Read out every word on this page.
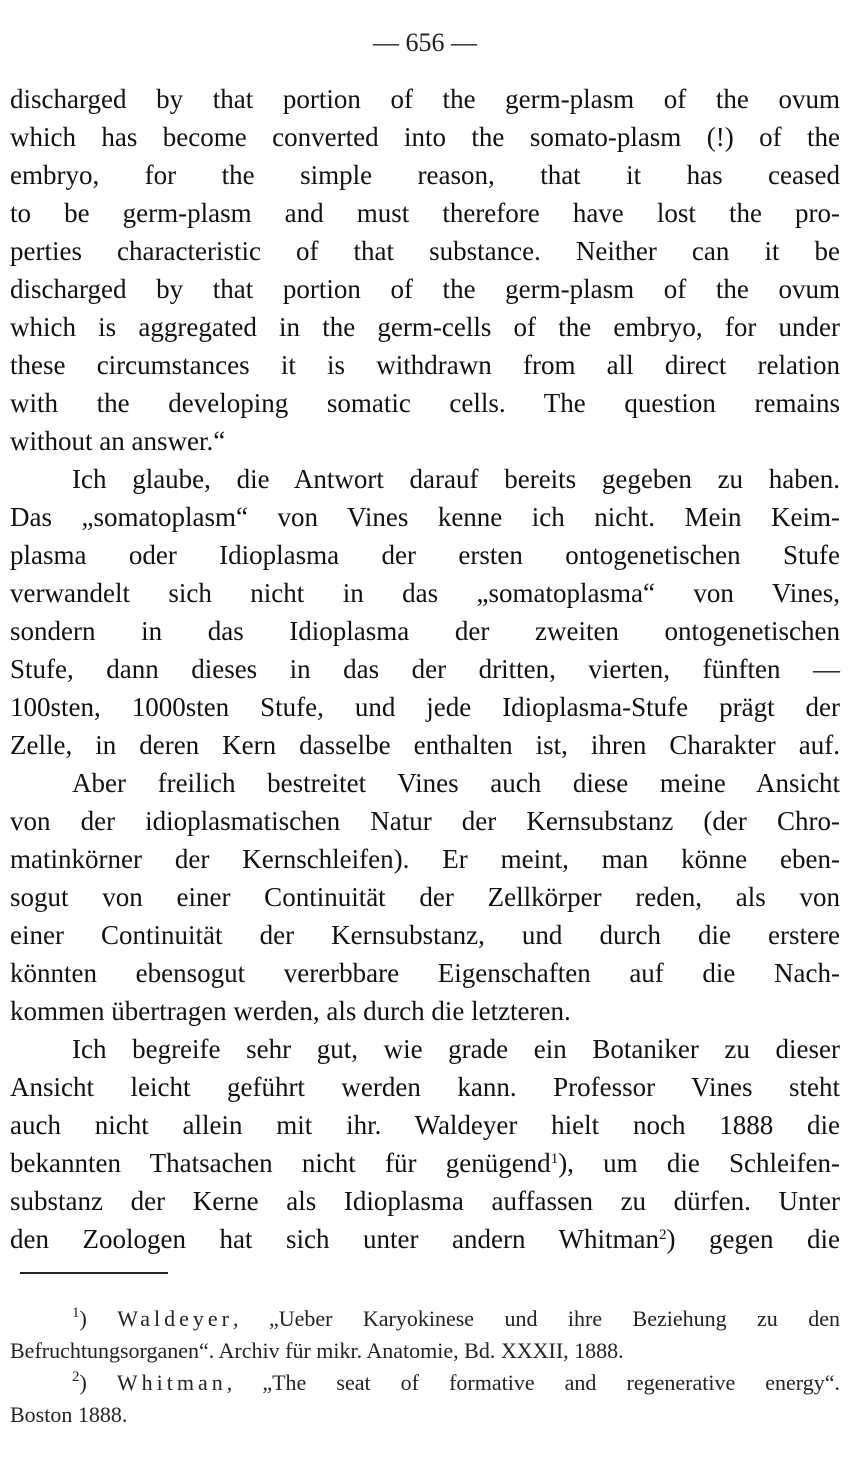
— 656 —
discharged by that portion of the germ-plasm of the ovum
which has become converted into the somato-plasm (!) of the
embryo, for the simple reason, that it has ceased
to be germ-plasm and must therefore have lost the pro-
perties characteristic of that substance. Neither can it be
discharged by that portion of the germ-plasm of the ovum
which is aggregated in the germ-cells of the embryo, for under
these circumstances it is withdrawn from all direct relation
with the developing somatic cells. The question remains
without an answer.“
Ich glaube, die Antwort darauf bereits gegeben zu haben.
Das „somatoplasm“ von Vines kenne ich nicht. Mein Keim-
plasma oder Idioplasma der ersten ontogenetischen Stufe
verwandelt sich nicht in das „somatoplasma“ von Vines,
sondern in das Idioplasma der zweiten ontogenetischen
Stufe, dann dieses in das der dritten, vierten, fünften —
100sten, 1000sten Stufe, und jede Idioplasma-Stufe prägt der
Zelle, in deren Kern dasselbe enthalten ist, ihren Charakter auf.
Aber freilich bestreitet Vines auch diese meine Ansicht
von der idioplasmatischen Natur der Kernsubstanz (der Chro-
matinkörner der Kernschleifen). Er meint, man könne eben-
sogut von einer Continuität der Zellkörper reden, als von
einer Continuität der Kernsubstanz, und durch die erstere
könnten ebensogut vererbbare Eigenschaften auf die Nach-
kommen übertragen werden, als durch die letzteren.
Ich begreife sehr gut, wie grade ein Botaniker zu dieser
Ansicht leicht geführt werden kann. Professor Vines steht
auch nicht allein mit ihr. Waldeyer hielt noch 1888 die
bekannten Thatsachen nicht für genügend$^1$), um die Schleifen-
substanz der Kerne als Idioplasma auffassen zu dürfen. Unter
den Zoologen hat sich unter andern Whitman$^2$) gegen die
$^1$) Waldeyer, „Ueber Karyokinese und ihre Beziehung zu den
Befruchtungsorganen“. Archiv für mikr. Anatomie, Bd. XXXII, 1888.
$^2$) Whitman, „The seat of formative and regenerative energy“.
Boston 1888.
